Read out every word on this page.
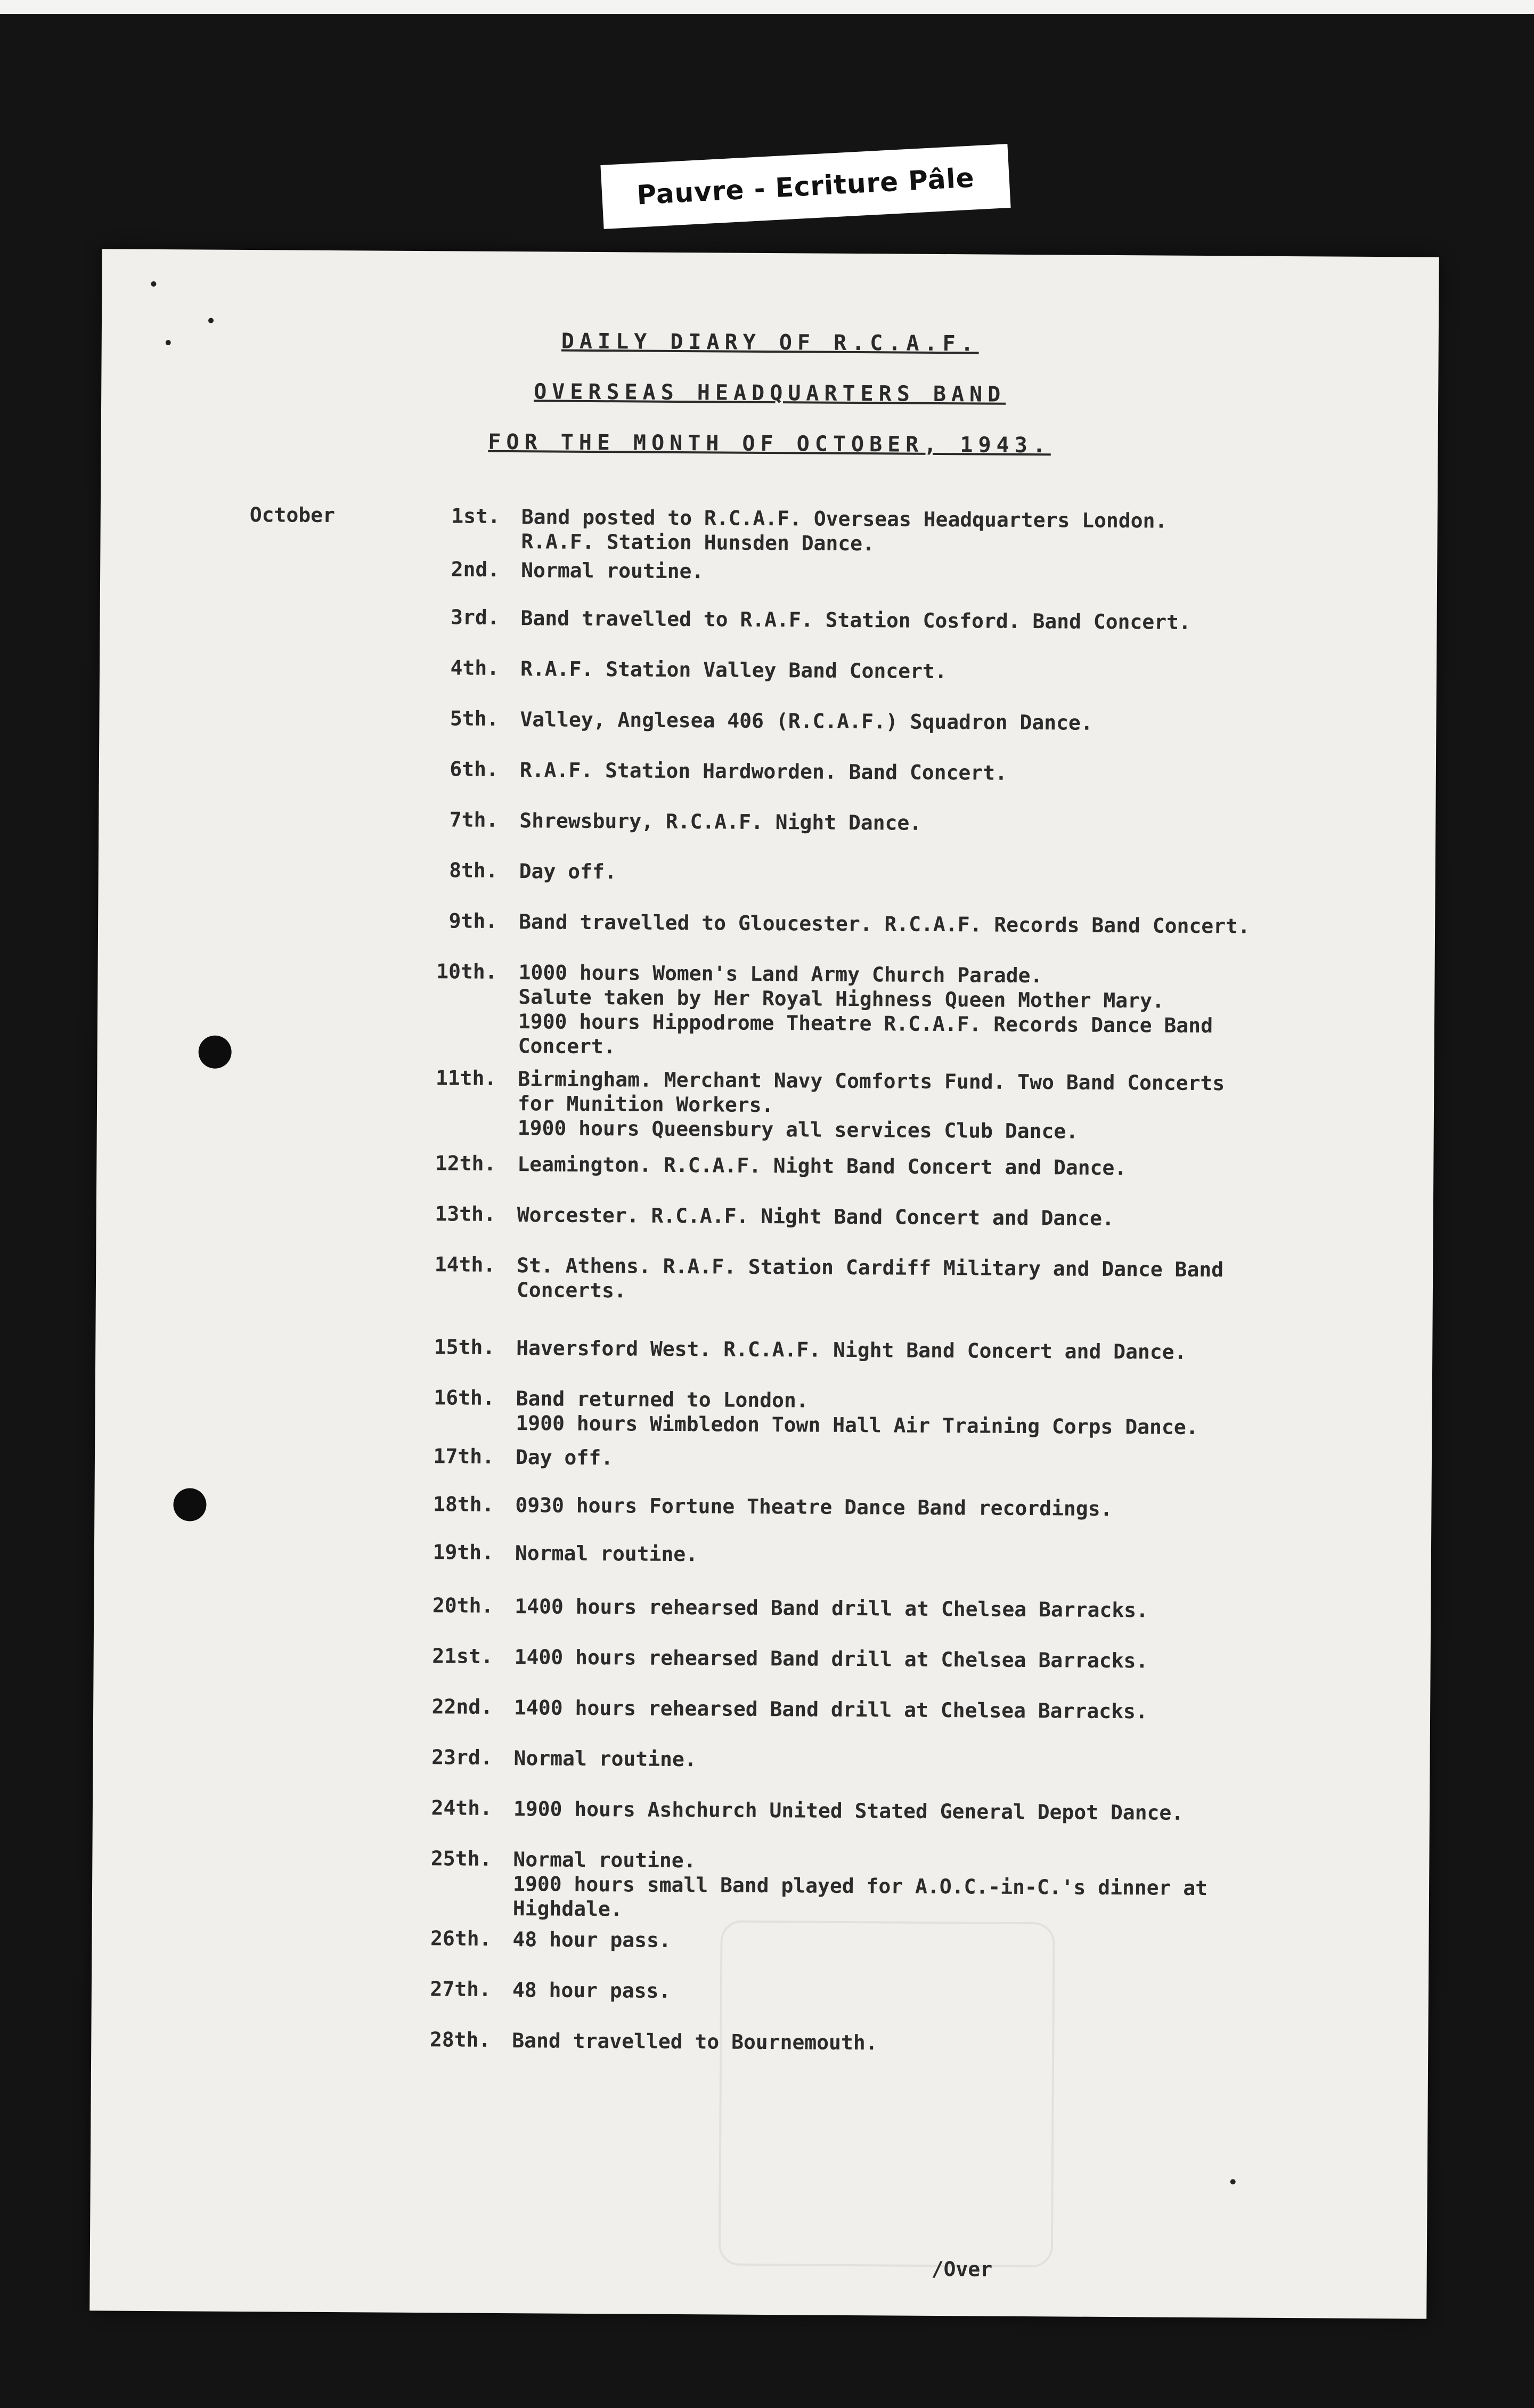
Pauvre - Ecriture Pâle
DAILY DIARY OF R.C.A.F.
OVERSEAS HEADQUARTERS BAND
FOR THE MONTH OF OCTOBER, 1943.
October	1st. Band posted to R.C.A.F. Overseas Headquarters London.
R.A.F. Station Hunsden Dance.
2nd. Normal routine.
3rd. Band travelled to R.A.F. Station Cosford. Band Concert.
4th. R.A.F. Station Valley Band Concert.
5th. Valley, Anglesea 406 (R.C.A.F.) Squadron Dance.
6th. R.A.F. Station Hardworden. Band Concert.
7th. Shrewsbury, R.C.A.F. Night Dance.
8th. Day off.
9th. Band travelled to Gloucester. R.C.A.F. Records Band Concert.
10th. 1000 hours Women's Land Army Church Parade.
Salute taken by Her Royal Highness Queen Mother Mary.
1900 hours Hippodrome Theatre R.C.A.F. Records Dance Band
Concert.
11th. Birmingham. Merchant Navy Comforts Fund. Two Band Concerts
for Munition Workers.
1900 hours Queensbury all services Club Dance.
12th. Leamington. R.C.A.F. Night Band Concert and Dance.
13th. Worcester. R.C.A.F. Night Band Concert and Dance.
14th. St. Athens. R.A.F. Station Cardiff Military and Dance Band
Concerts.
15th. Haversford West. R.C.A.F. Night Band Concert and Dance.
16th. Band returned to London.
1900 hours Wimbledon Town Hall Air Training Corps Dance.
17th. Day off.
18th. 0930 hours Fortune Theatre Dance Band recordings.
19th. Normal routine.
20th. 1400 hours rehearsed Band drill at Chelsea Barracks.
21st. 1400 hours rehearsed Band drill at Chelsea Barracks.
22nd. 1400 hours rehearsed Band drill at Chelsea Barracks.
23rd. Normal routine.
24th. 1900 hours Ashchurch United Stated General Depot Dance.
25th. Normal routine.
1900 hours small Band played for A.O.C.-in-C.'s dinner at
Highdale.
26th. 48 hour pass.
27th. 48 hour pass.
28th. Band travelled to Bournemouth.
/Over
